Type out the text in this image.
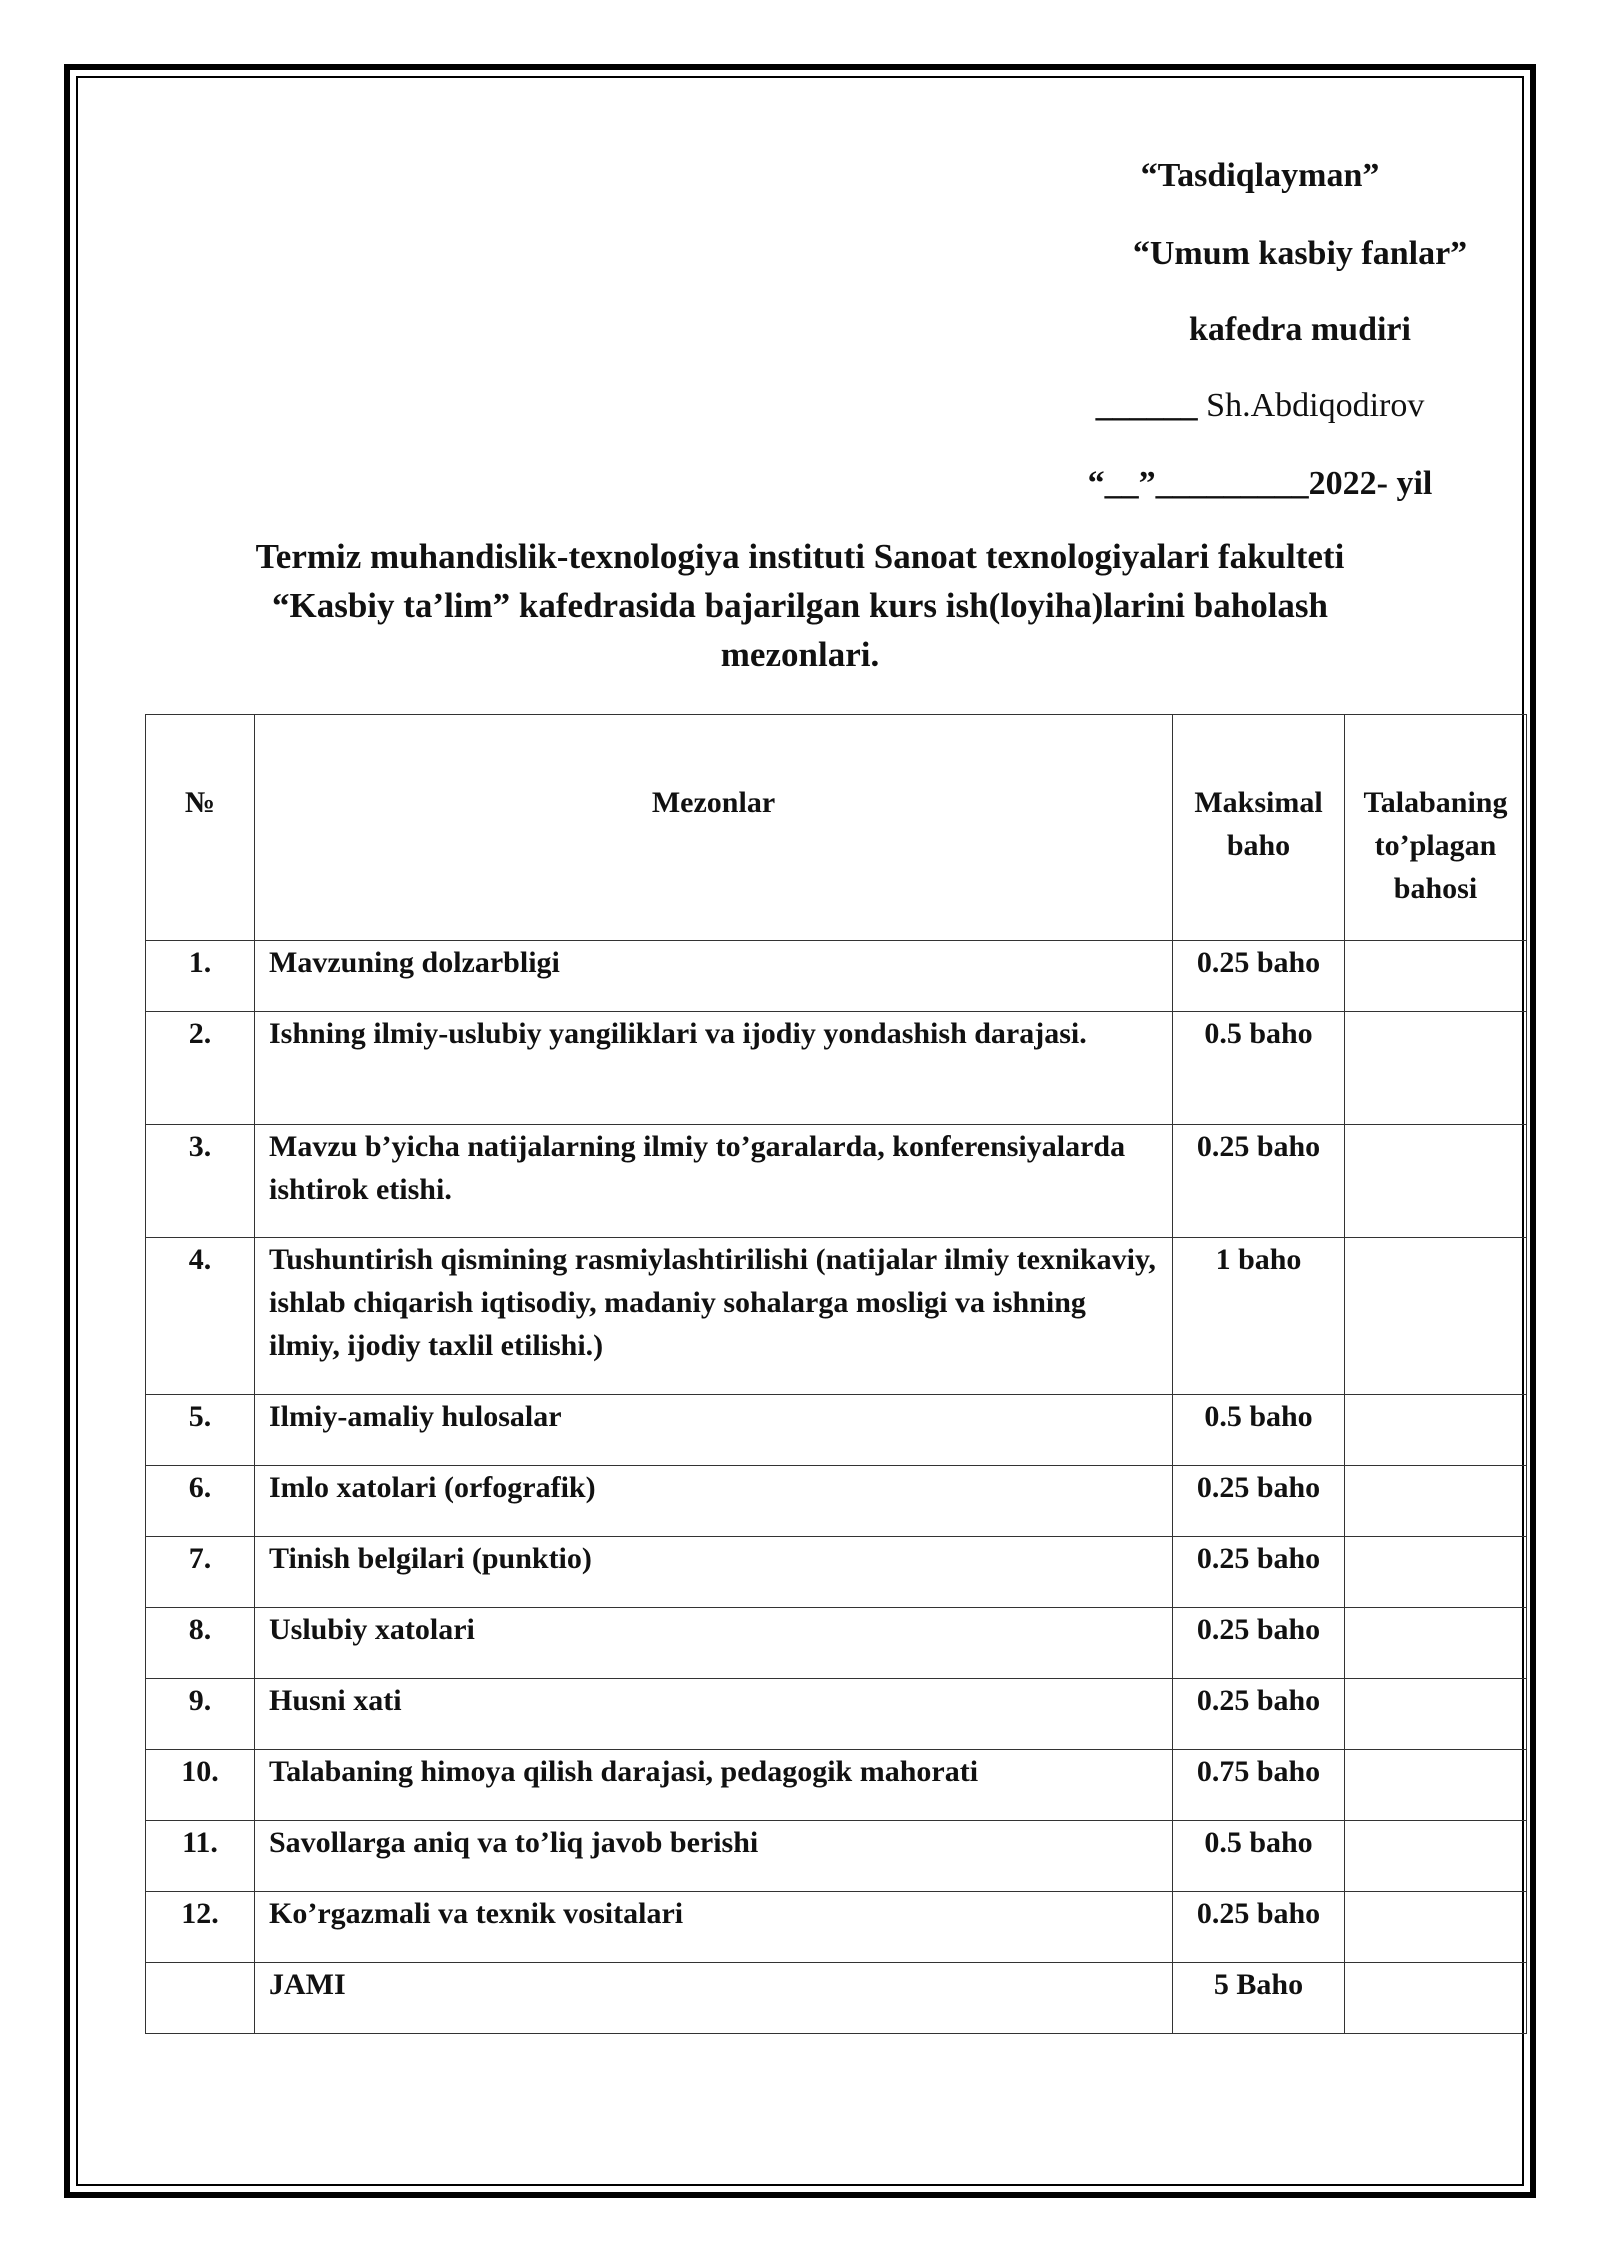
“Tasdiqlayman”
“Umum kasbiy fanlar”
kafedra mudiri
______ Sh.Abdiqodirov
“__”_________2022- yil
Termiz muhandislik-texnologiya instituti Sanoat texnologiyalari fakulteti
“Kasbiy ta’lim” kafedrasida bajarilgan kurs ish(loyiha)larini baholash
mezonlari.
№	Mezonlar	Maksimal baho	Talabaning to’plagan bahosi
1.	Mavzuning dolzarbligi	0.25 baho	
2.	Ishning ilmiy-uslubiy yangiliklari va ijodiy yondashish darajasi.	0.5 baho	
3.	Mavzu b’yicha natijalarning ilmiy to’garalarda, konferensiyalarda ishtirok etishi.	0.25 baho	
4.	Tushuntirish qismining rasmiylashtirilishi (natijalar ilmiy texnikaviy, ishlab chiqarish iqtisodiy, madaniy sohalarga mosligi va ishning ilmiy, ijodiy taxlil etilishi.)	1 baho	
5.	Ilmiy-amaliy hulosalar	0.5 baho	
6.	Imlo xatolari (orfografik)	0.25 baho	
7.	Tinish belgilari (punktio)	0.25 baho	
8.	Uslubiy xatolari	0.25 baho	
9.	Husni xati	0.25 baho	
10.	Talabaning himoya qilish darajasi, pedagogik mahorati	0.75 baho	
11.	Savollarga aniq va to’liq javob berishi	0.5 baho	
12.	Ko’rgazmali va texnik vositalari	0.25 baho	
	JAMI	5 Baho	
